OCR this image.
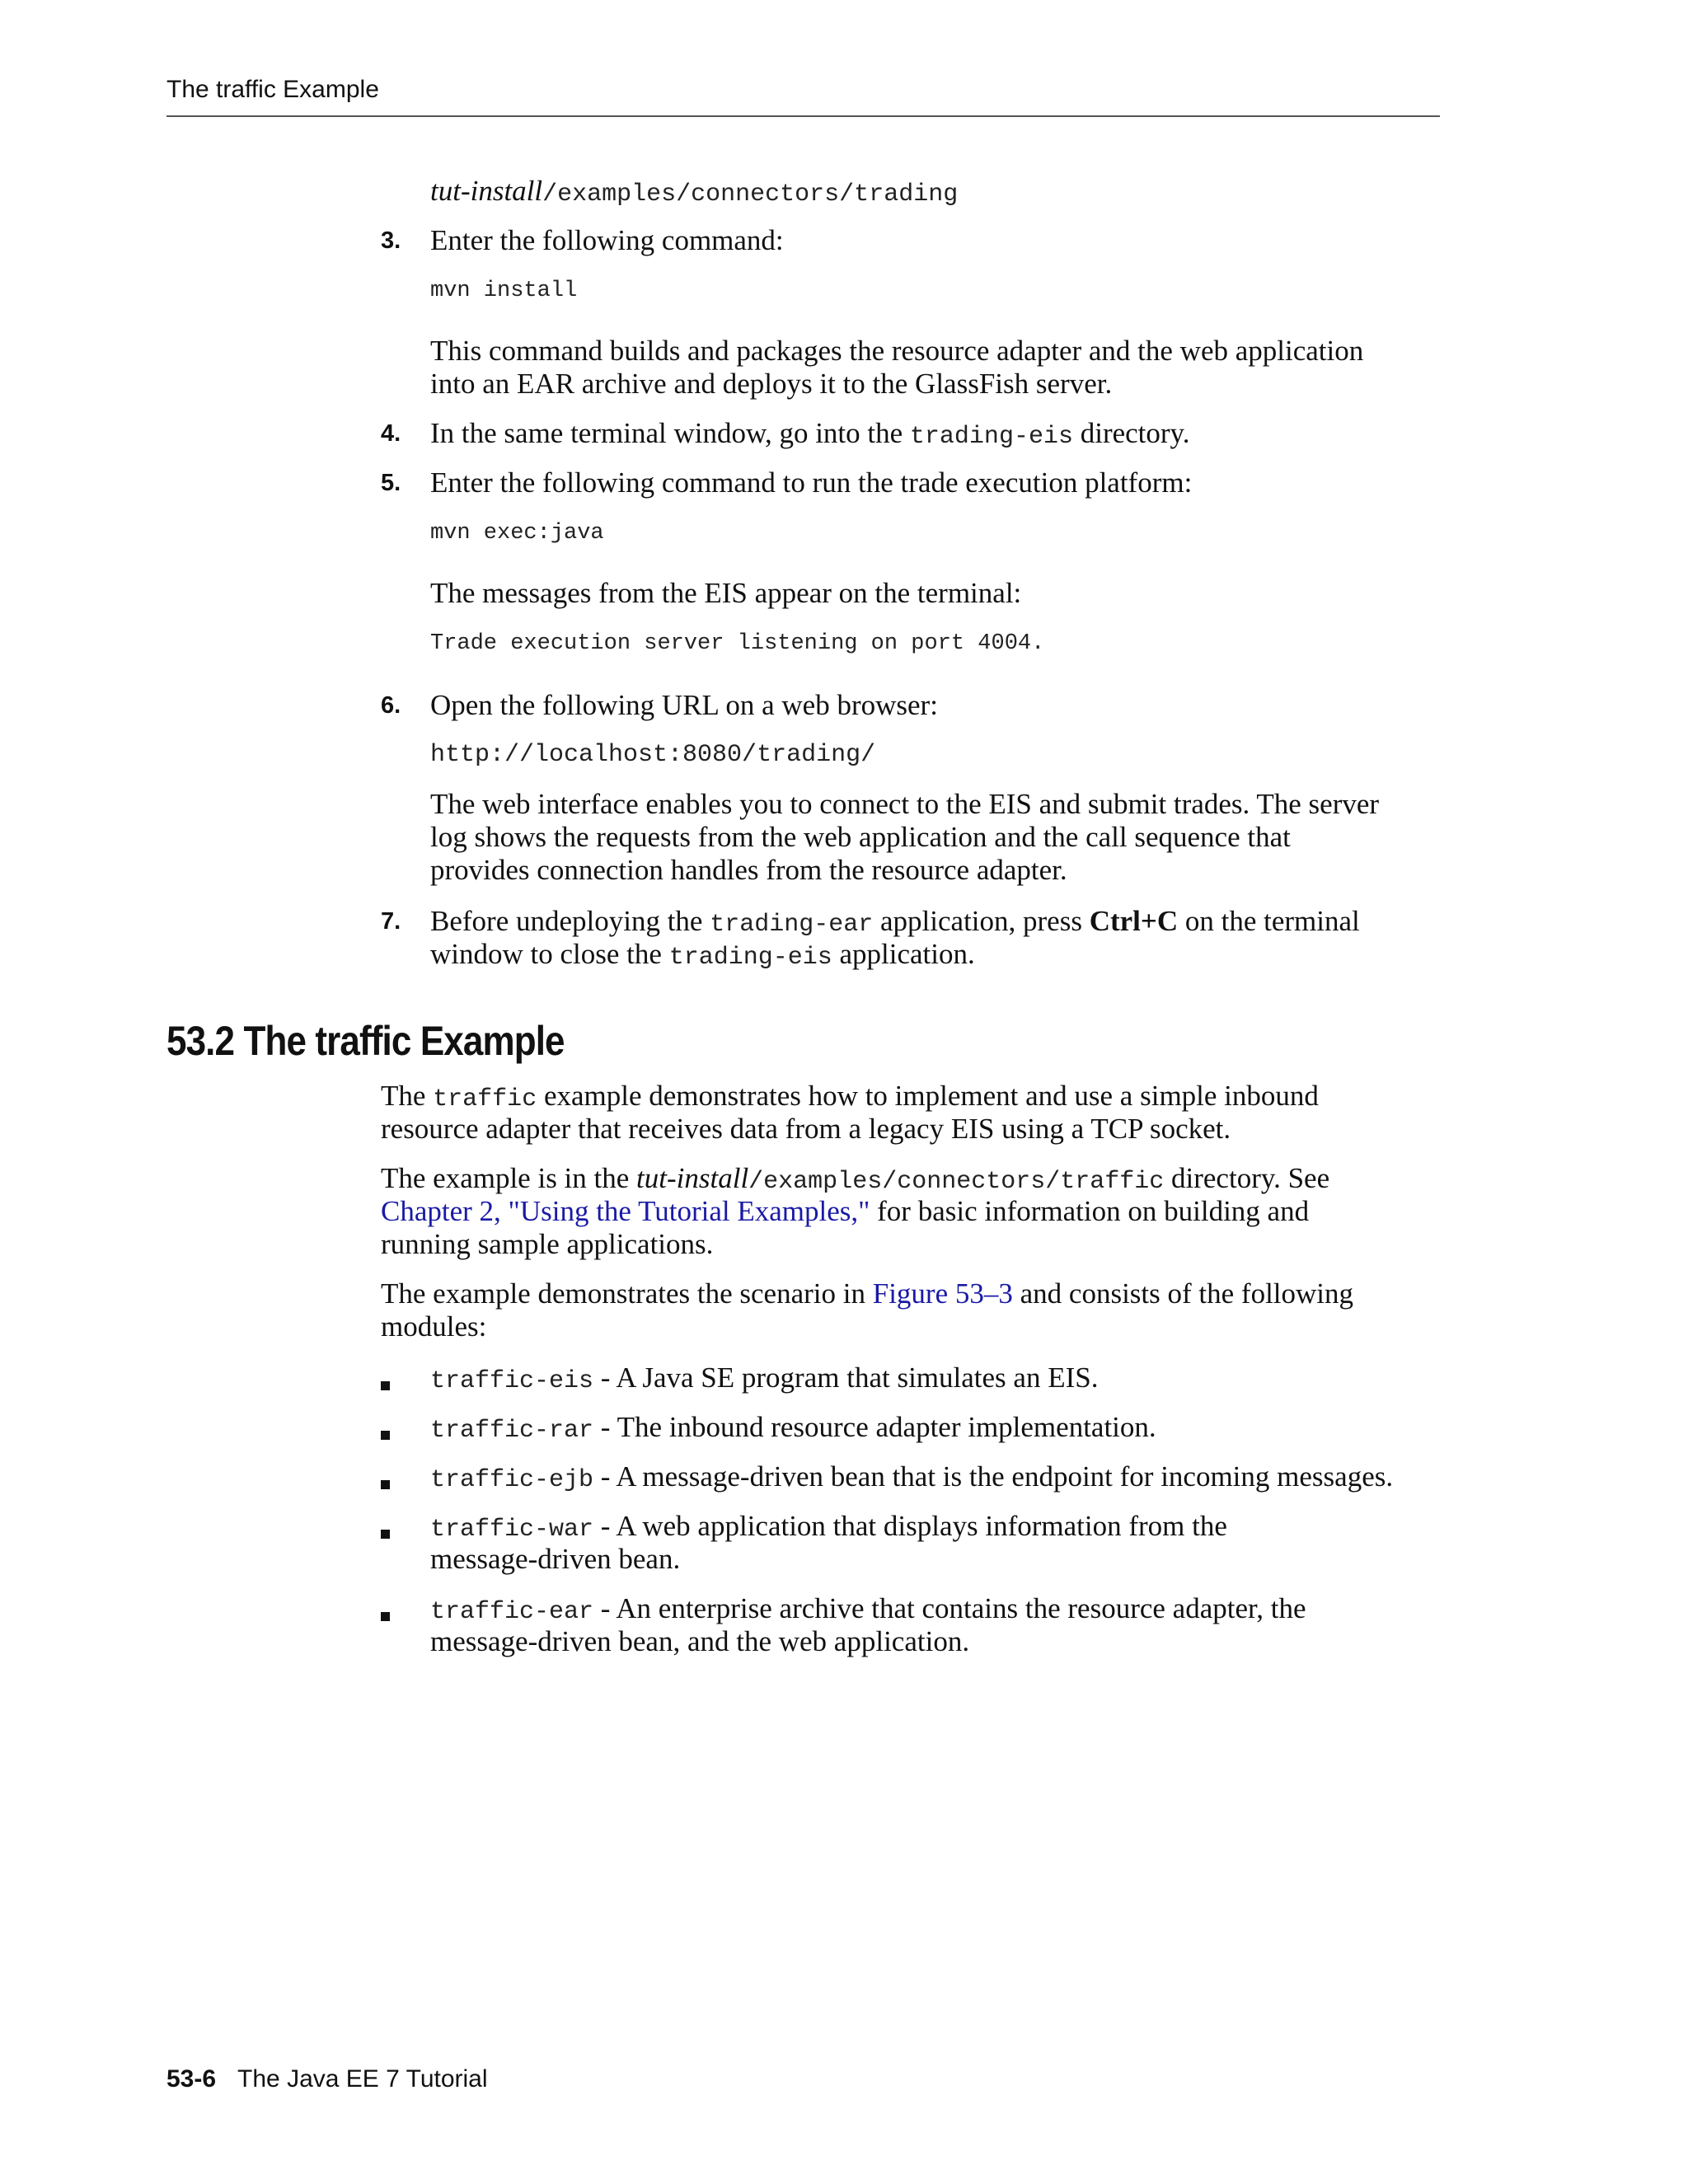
The traffic Example
tut-install/examples/connectors/trading
3. Enter the following command:
mvn install
This command builds and packages the resource adapter and the web application
into an EAR archive and deploys it to the GlassFish server.
4. In the same terminal window, go into the trading-eis directory.
5. Enter the following command to run the trade execution platform:
mvn exec:java
The messages from the EIS appear on the terminal:
Trade execution server listening on port 4004.
6. Open the following URL on a web browser:
http://localhost:8080/trading/
The web interface enables you to connect to the EIS and submit trades. The server
log shows the requests from the web application and the call sequence that
provides connection handles from the resource adapter.
7. Before undeploying the trading-ear application, press Ctrl+C on the terminal
window to close the trading-eis application.
53.2 The traffic Example
The traffic example demonstrates how to implement and use a simple inbound
resource adapter that receives data from a legacy EIS using a TCP socket.
The example is in the tut-install/examples/connectors/traffic directory. See
Chapter 2, "Using the Tutorial Examples," for basic information on building and
running sample applications.
The example demonstrates the scenario in Figure 53–3 and consists of the following
modules:
traffic-eis - A Java SE program that simulates an EIS.
traffic-rar - The inbound resource adapter implementation.
traffic-ejb - A message-driven bean that is the endpoint for incoming messages.
traffic-war - A web application that displays information from the
message-driven bean.
traffic-ear - An enterprise archive that contains the resource adapter, the
message-driven bean, and the web application.
53-6 The Java EE 7 Tutorial
